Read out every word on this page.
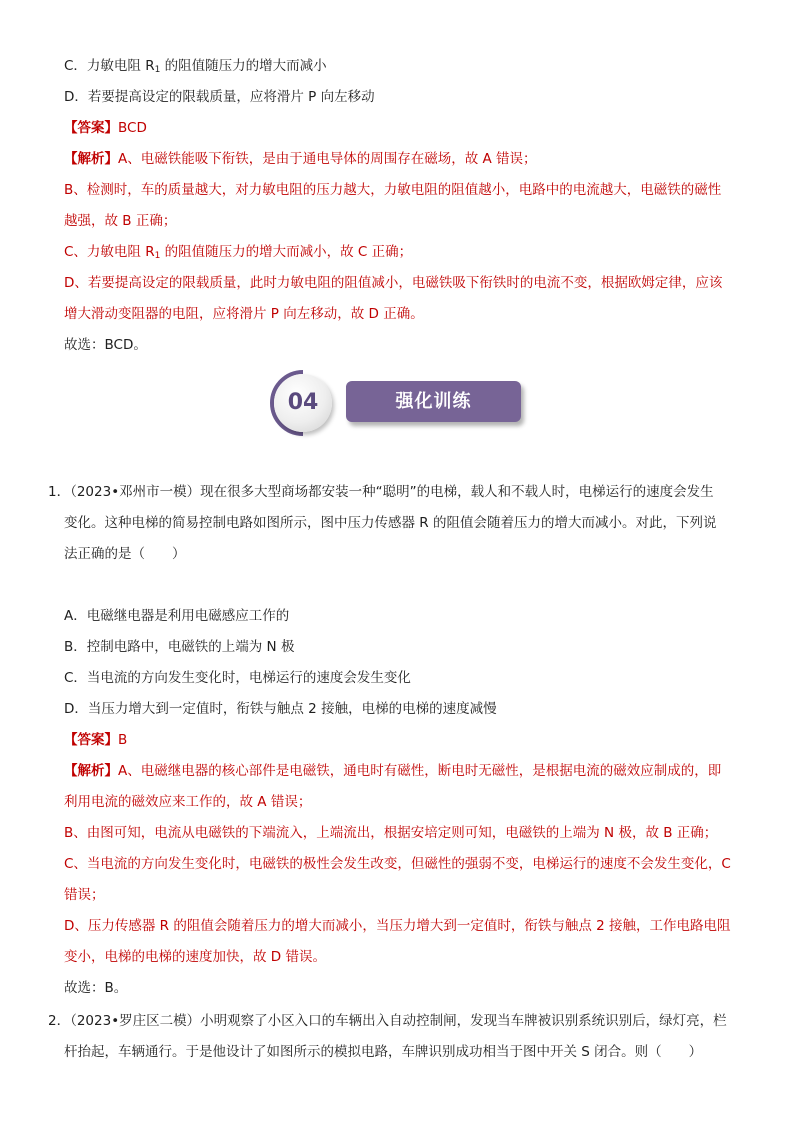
C．力敏电阻 $R_1$ 的阻值随压力的增大而减小
D．若要提高设定的限载质量，应将滑片 P 向左移动
【答案】BCD
【解析】A、电磁铁能吸下衔铁，是由于通电导体的周围存在磁场，故 A 错误；
B、检测时，车的质量越大，对力敏电阻的压力越大，力敏电阻的阻值越小，电路中的电流越大，电磁铁的磁性
越强，故 B 正确；
C、力敏电阻 $R_1$ 的阻值随压力的增大而减小，故 C 正确；
D、若要提高设定的限载质量，此时力敏电阻的阻值减小，电磁铁吸下衔铁时的电流不变，根据欧姆定律，应该
增大滑动变阻器的电阻，应将滑片 P 向左移动，故 D 正确。
故选：BCD。
04	强化训练
1．（2023•邓州市一模）现在很多大型商场都安装一种“聪明”的电梯，载人和不载人时，电梯运行的速度会发生
变化。这种电梯的简易控制电路如图所示，图中压力传感器 R 的阻值会随着压力的增大而减小。对此，下列说
法正确的是（　　）
A．电磁继电器是利用电磁感应工作的
B．控制电路中，电磁铁的上端为 N 极
C．当电流的方向发生变化时，电梯运行的速度会发生变化
D．当压力增大到一定值时，衔铁与触点 2 接触，电梯的电梯的速度减慢
【答案】B
【解析】A、电磁继电器的核心部件是电磁铁，通电时有磁性，断电时无磁性，是根据电流的磁效应制成的，即
利用电流的磁效应来工作的，故 A 错误；
B、由图可知，电流从电磁铁的下端流入，上端流出，根据安培定则可知，电磁铁的上端为 N 极，故 B 正确；
C、当电流的方向发生变化时，电磁铁的极性会发生改变，但磁性的强弱不变，电梯运行的速度不会发生变化，C
错误；
D、压力传感器 R 的阻值会随着压力的增大而减小，当压力增大到一定值时，衔铁与触点 2 接触，工作电路电阻
变小，电梯的电梯的速度加快，故 D 错误。
故选：B。
2．（2023•罗庄区二模）小明观察了小区入口的车辆出入自动控制闸，发现当车牌被识别系统识别后，绿灯亮，栏
杆抬起，车辆通行。于是他设计了如图所示的模拟电路，车牌识别成功相当于图中开关 S 闭合。则（　　）
